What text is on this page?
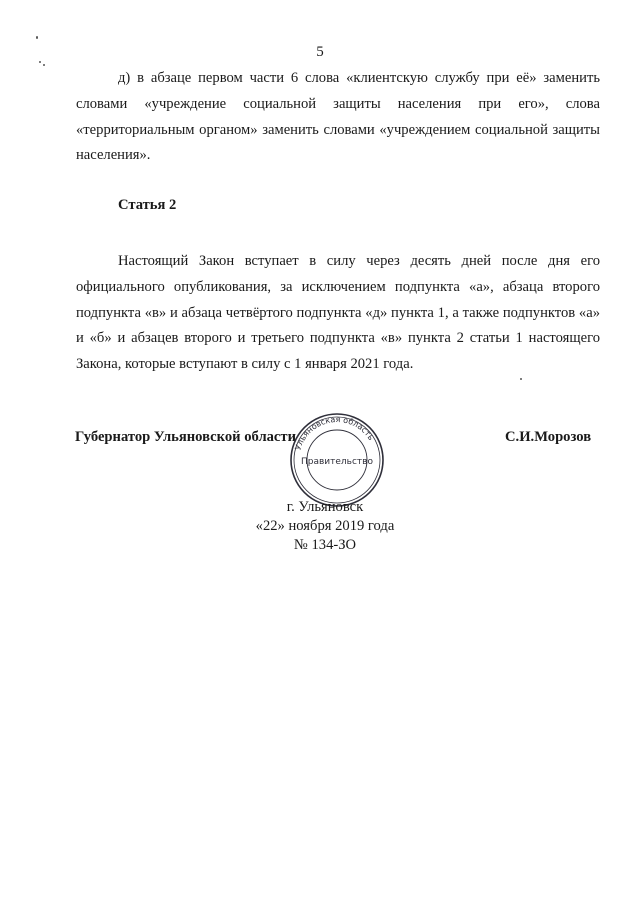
5

д) в абзаце первом части 6 слова «клиентскую службу при её» заменить словами «учреждение социальной защиты населения при его», слова «территориальным органом» заменить словами «учреждением социальной защиты населения».

Статья 2

Настоящий Закон вступает в силу через десять дней после дня его официального опубликования, за исключением подпункта «а», абзаца второго подпункта «в» и абзаца четвёртого подпункта «д» пункта 1, а также подпунктов «а» и «б» и абзацев второго и третьего подпункта «в» пункта 2 статьи 1 настоящего Закона, которые вступают в силу с 1 января 2021 года.

Губернатор Ульяновской области	С.И.Морозов
Ульяновская область
Правительство
г. Ульяновск
«22» ноября 2019 года
№ 134-ЗО
